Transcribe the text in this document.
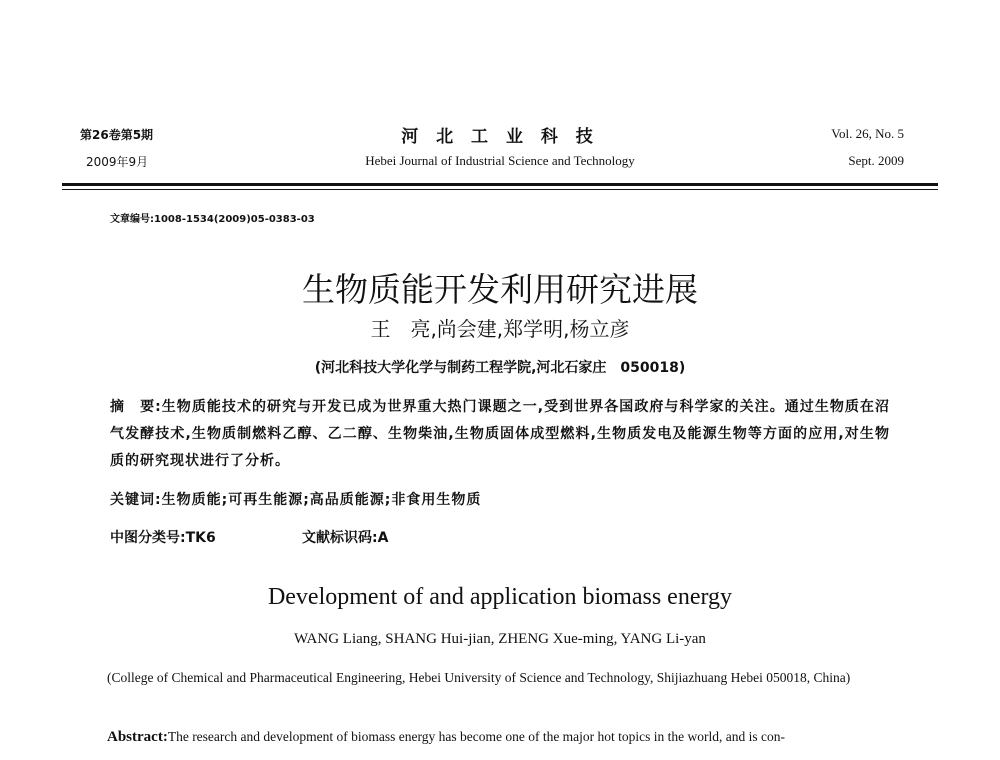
第26卷第5期
2009年9月
河 北 工 业 科 技
Hebei Journal of Industrial Science and Technology
Vol. 26, No. 5
Sept. 2009
文章编号:1008-1534(2009)05-0383-03
生物质能开发利用研究进展
王　亮,尚会建,郑学明,杨立彦
(河北科技大学化学与制药工程学院,河北石家庄　050018)
摘　要:生物质能技术的研究与开发已成为世界重大热门课题之一,受到世界各国政府与科学家的关注。通过生物质在沼气发酵技术,生物质制燃料乙醇、乙二醇、生物柴油,生物质固体成型燃料,生物质发电及能源生物等方面的应用,对生物质的研究现状进行了分析。
关键词:生物质能;可再生能源;高品质能源;非食用生物质
中图分类号:TK6	文献标识码:A
Development of and application biomass energy
WANG Liang, SHANG Hui-jian, ZHENG Xue-ming, YANG Li-yan
(College of Chemical and Pharmaceutical Engineering, Hebei University of Science and Technology, Shijiazhuang Hebei 050018, China)
Abstract:The research and development of biomass energy has become one of the major hot topics in the world, and is con-
